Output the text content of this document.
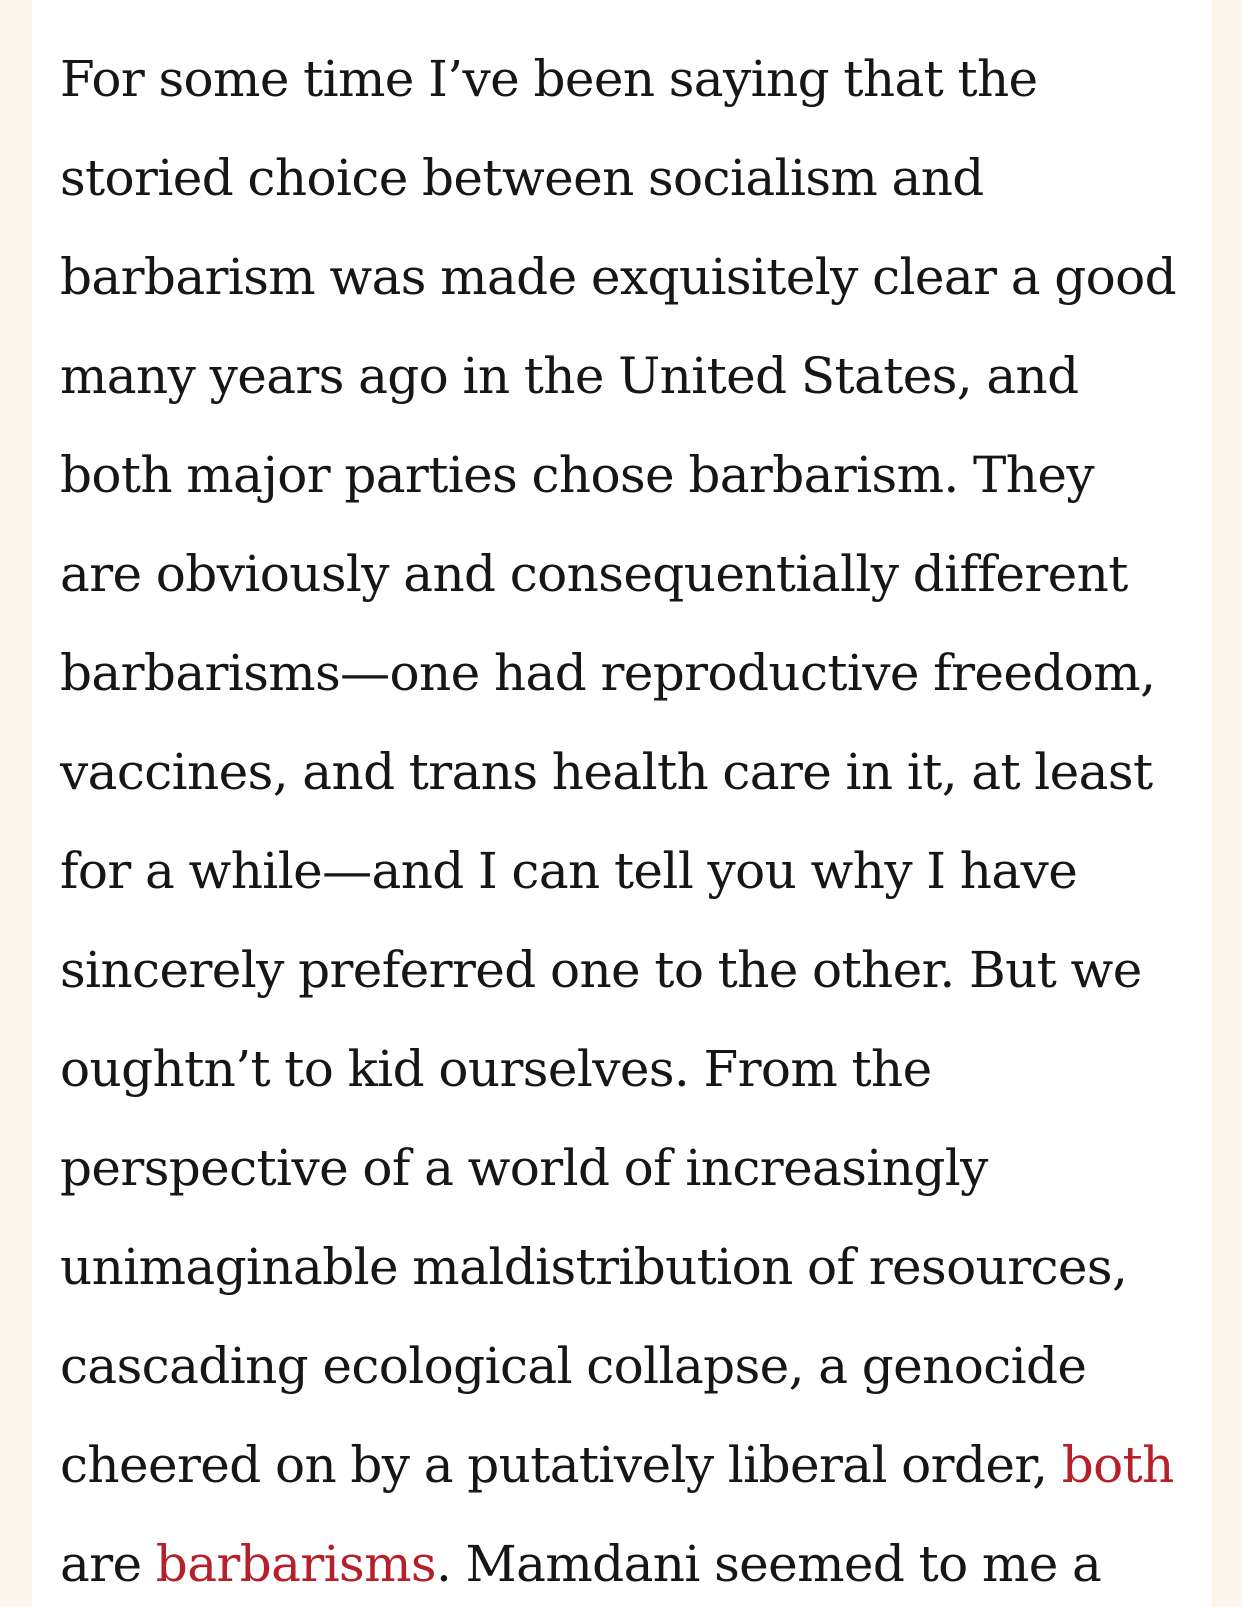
For some time I’ve been saying that the
storied choice between socialism and
barbarism was made exquisitely clear a good
many years ago in the United States, and
both major parties chose barbarism. They
are obviously and consequentially different
barbarisms—one had reproductive freedom,
vaccines, and trans health care in it, at least
for a while—and I can tell you why I have
sincerely preferred one to the other. But we
oughtn’t to kid ourselves. From the
perspective of a world of increasingly
unimaginable maldistribution of resources,
cascading ecological collapse, a genocide
cheered on by a putatively liberal order, both
are barbarisms. Mamdani seemed to me a
